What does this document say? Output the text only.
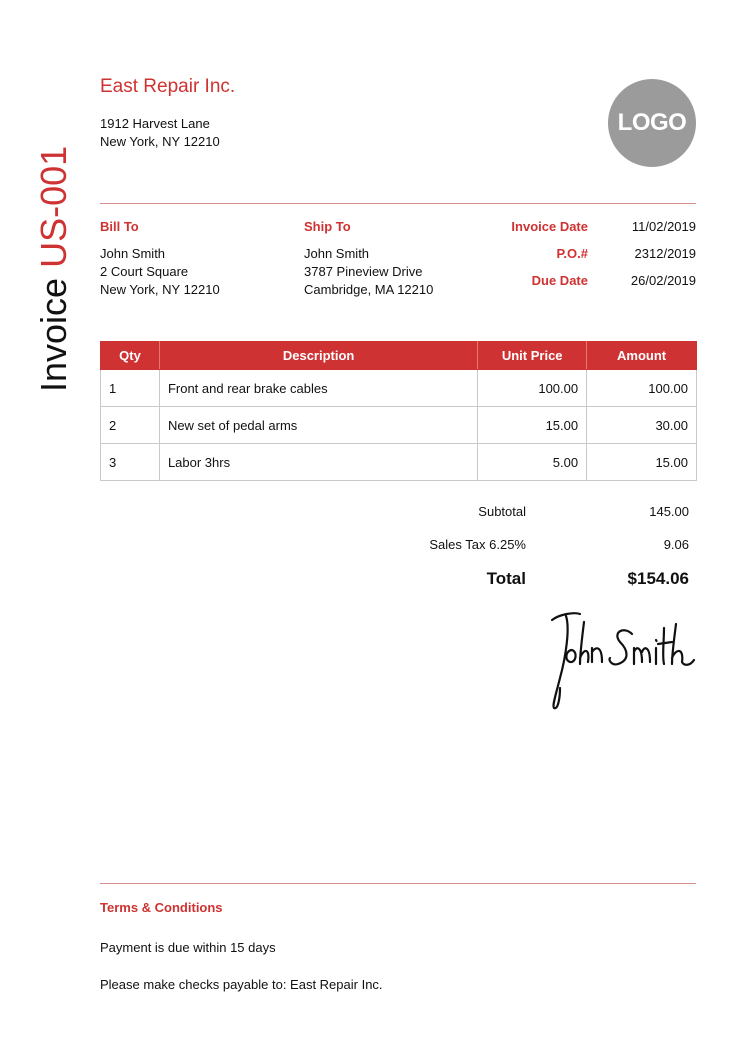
Invoice US-001
East Repair Inc.
1912 Harvest Lane
New York, NY 12210
LOGO
Bill To
John Smith
2 Court Square
New York, NY 12210
Ship To
John Smith
3787 Pineview Drive
Cambridge, MA 12210
Invoice Date	11/02/2019
P.O.#	2312/2019
Due Date	26/02/2019
Qty	Description	Unit Price	Amount
1	Front and rear brake cables	100.00	100.00
2	New set of pedal arms	15.00	30.00
3	Labor 3hrs	5.00	15.00
Subtotal	145.00
Sales Tax 6.25%	9.06
Total	$154.06
Terms & Conditions
Payment is due within 15 days
Please make checks payable to: East Repair Inc.
